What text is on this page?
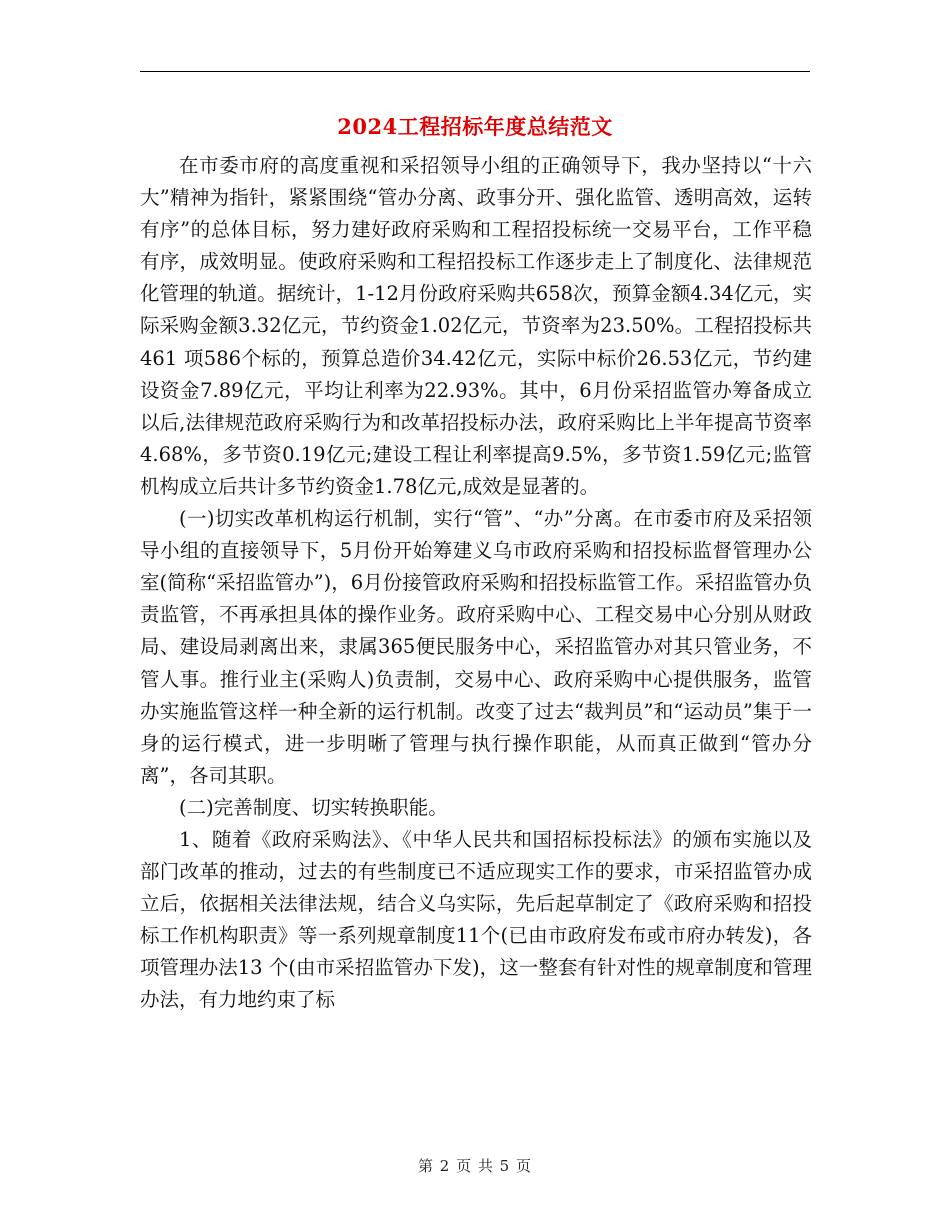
2024工程招标年度总结范文

在市委市府的高度重视和采招领导小组的正确领导下，我办坚持以“十六大”精神为指针，紧紧围绕“管办分离、政事分开、强化监管、透明高效，运转有序”的总体目标，努力建好政府采购和工程招投标统一交易平台，工作平稳有序，成效明显。使政府采购和工程招投标工作逐步走上了制度化、法律规范化管理的轨道。据统计，1-12月份政府采购共658次，预算金额4.34亿元，实际采购金额3.32亿元，节约资金1.02亿元，节资率为23.50%。工程招投标共461 项586个标的，预算总造价34.42亿元，实际中标价26.53亿元，节约建设资金7.89亿元，平均让利率为22.93%。其中，6月份采招监管办筹备成立以后,法律规范政府采购行为和改革招投标办法，政府采购比上半年提高节资率4.68%，多节资0.19亿元;建设工程让利率提高9.5%，多节资1.59亿元;监管机构成立后共计多节约资金1.78亿元,成效是显著的。

(一)切实改革机构运行机制，实行“管”、“办”分离。在市委市府及采招领导小组的直接领导下，5月份开始筹建义乌市政府采购和招投标监督管理办公室(简称“采招监管办”)，6月份接管政府采购和招投标监管工作。采招监管办负责监管，不再承担具体的操作业务。政府采购中心、工程交易中心分别从财政局、建设局剥离出来，隶属365便民服务中心，采招监管办对其只管业务，不管人事。推行业主(采购人)负责制，交易中心、政府采购中心提供服务，监管办实施监管这样一种全新的运行机制。改变了过去“裁判员”和“运动员”集于一身的运行模式，进一步明晰了管理与执行操作职能，从而真正做到“管办分离”，各司其职。

(二)完善制度、切实转换职能。

1、随着《政府采购法》、《中华人民共和国招标投标法》的颁布实施以及部门改革的推动，过去的有些制度已不适应现实工作的要求，市采招监管办成立后，依据相关法律法规，结合义乌实际，先后起草制定了《政府采购和招投标工作机构职责》等一系列规章制度11个(已由市政府发布或市府办转发)，各项管理办法13 个(由市采招监管办下发)，这一整套有针对性的规章制度和管理办法，有力地约束了标

第 2 页 共 5 页
